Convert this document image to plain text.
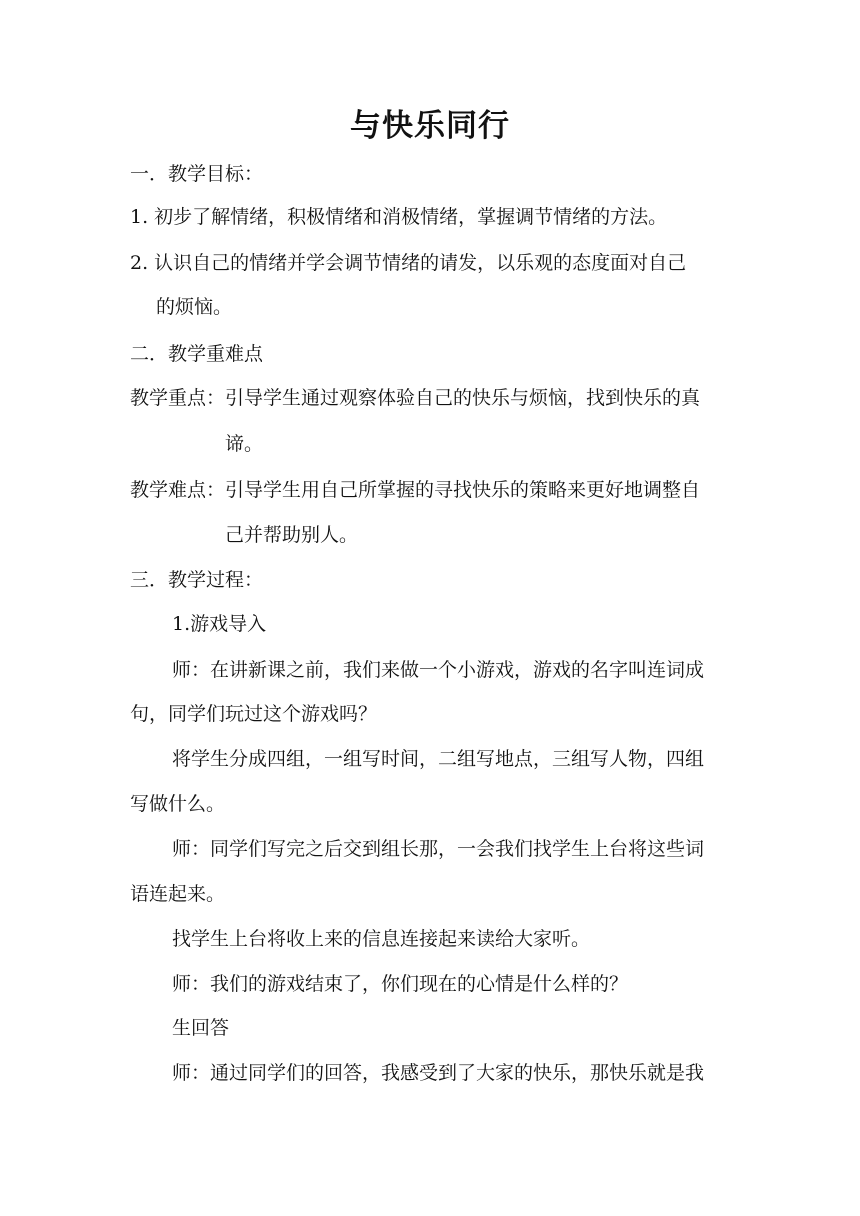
与快乐同行
一．教学目标：
1. 初步了解情绪，积极情绪和消极情绪，掌握调节情绪的方法。
2. 认识自己的情绪并学会调节情绪的请发，以乐观的态度面对自己
的烦恼。
二．教学重难点
教学重点：引导学生通过观察体验自己的快乐与烦恼，找到快乐的真
谛。
教学难点：引导学生用自己所掌握的寻找快乐的策略来更好地调整自
己并帮助别人。
三．教学过程：
1.游戏导入
师：在讲新课之前，我们来做一个小游戏，游戏的名字叫连词成
句，同学们玩过这个游戏吗？
将学生分成四组，一组写时间，二组写地点，三组写人物，四组
写做什么。
师：同学们写完之后交到组长那，一会我们找学生上台将这些词
语连起来。
找学生上台将收上来的信息连接起来读给大家听。
师：我们的游戏结束了，你们现在的心情是什么样的？
生回答
师：通过同学们的回答，我感受到了大家的快乐，那快乐就是我
